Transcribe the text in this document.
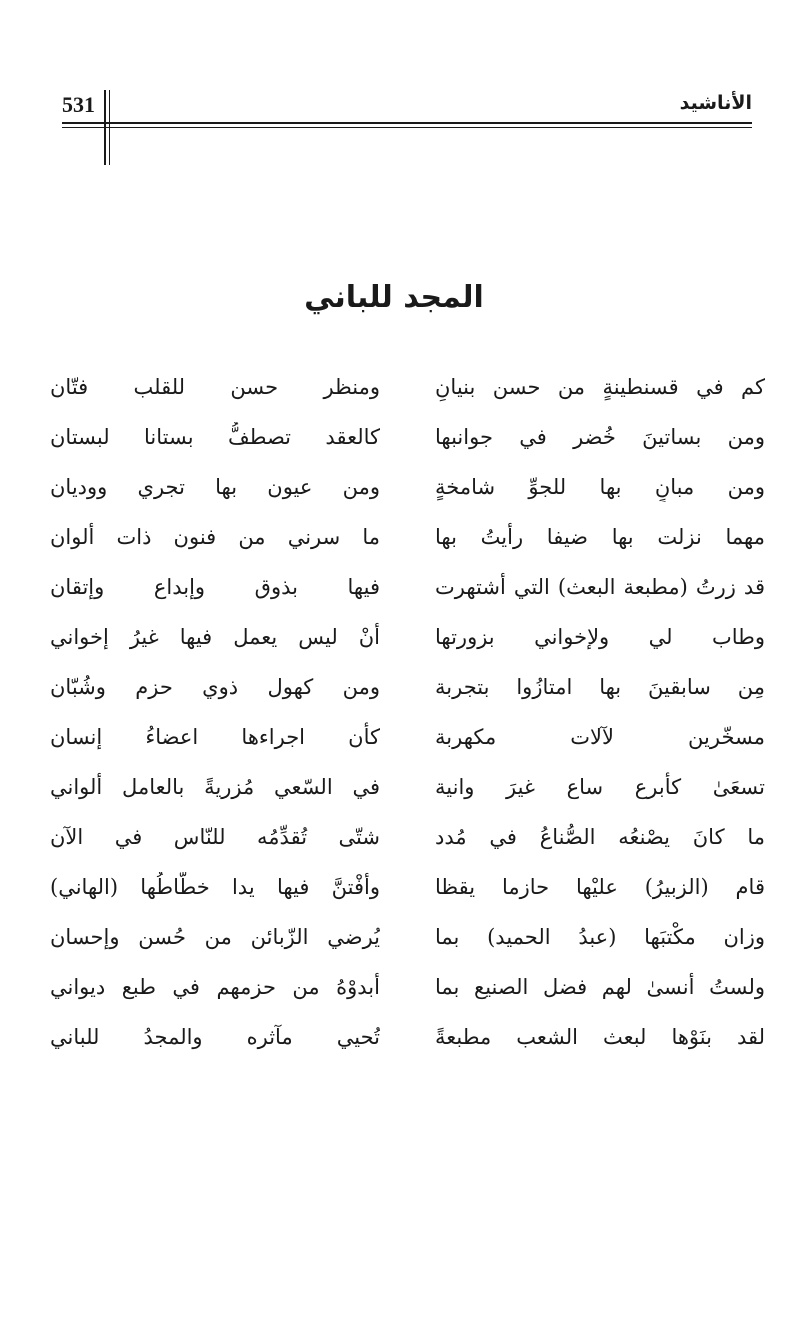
531	الأناشيد
المجد للباني
كم في قسنطينةٍ من حسن بنيانِ
ومنظر حسن للقلب فتّان
ومن بساتينَ خُضر في جوانبها
كالعقد تصطفُّ بستانا لبستان
ومن مبانٍ بها للجوِّ شامخةٍ
ومن عيون بها تجري ووديان
مهما نزلت بها ضيفا رأيتُ بها
ما سرني من فنون ذات ألوان
قد زرتُ (مطبعة البعث) التي أشتهرت
فيها بذوق وإبداع وإتقان
وطاب لي ولإخواني بزورتها
أنْ ليس يعمل فيها غيرُ إخواني
مِن سابقينَ بها امتازُوا بتجربة
ومن كهول ذوي حزم وشُبّان
مسخّرين لآلات مكهربة
كأن اجراءها اعضاءُ إنسان
تسعَىٰ كأبرع ساع غيرَ وانية
في السّعي مُزريةً بالعامل ألواني
ما كانَ يصْنعُه الصُّناعُ في مُدد
شتّى تُقدِّمُه للنّاس في الآن
قام (الزبيرُ) عليْها حازما يقظا
وأفْتنَّ فيها يدا خطّاطُها (الهاني)
وزان مكْتبَها (عبدُ الحميد) بما
يُرضي الزّبائن من حُسن وإحسان
ولستُ أنسىٰ لهم فضل الصنيع بما
أبدوْهُ من حزمهم في طبع ديواني
لقد بنَوْها لبعث الشعب مطبعةً
تُحيي مآثره والمجدُ للباني
